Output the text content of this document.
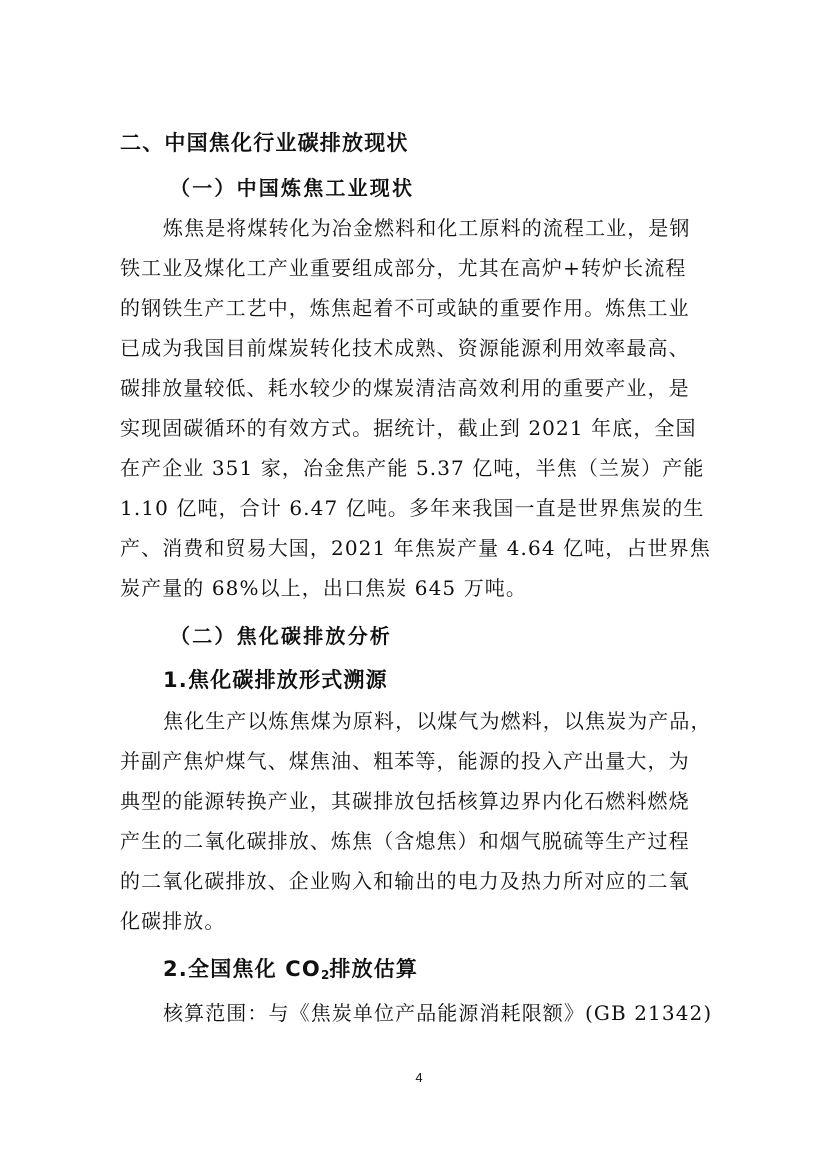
二、中国焦化行业碳排放现状
（一）中国炼焦工业现状
炼焦是将煤转化为冶金燃料和化工原料的流程工业，是钢
铁工业及煤化工产业重要组成部分，尤其在高炉+转炉长流程
的钢铁生产工艺中，炼焦起着不可或缺的重要作用。炼焦工业
已成为我国目前煤炭转化技术成熟、资源能源利用效率最高、
碳排放量较低、耗水较少的煤炭清洁高效利用的重要产业，是
实现固碳循环的有效方式。据统计，截止到 2021 年底，全国
在产企业 351 家，冶金焦产能 5.37 亿吨，半焦（兰炭）产能
1.10 亿吨，合计 6.47 亿吨。多年来我国一直是世界焦炭的生
产、消费和贸易大国，2021 年焦炭产量 4.64 亿吨，占世界焦
炭产量的 68%以上，出口焦炭 645 万吨。
（二）焦化碳排放分析
1.焦化碳排放形式溯源
焦化生产以炼焦煤为原料，以煤气为燃料，以焦炭为产品，
并副产焦炉煤气、煤焦油、粗苯等，能源的投入产出量大，为
典型的能源转换产业，其碳排放包括核算边界内化石燃料燃烧
产生的二氧化碳排放、炼焦（含熄焦）和烟气脱硫等生产过程
的二氧化碳排放、企业购入和输出的电力及热力所对应的二氧
化碳排放。
2.全国焦化 $CO_2$排放估算
核算范围：与《焦炭单位产品能源消耗限额》(GB 21342)
4
